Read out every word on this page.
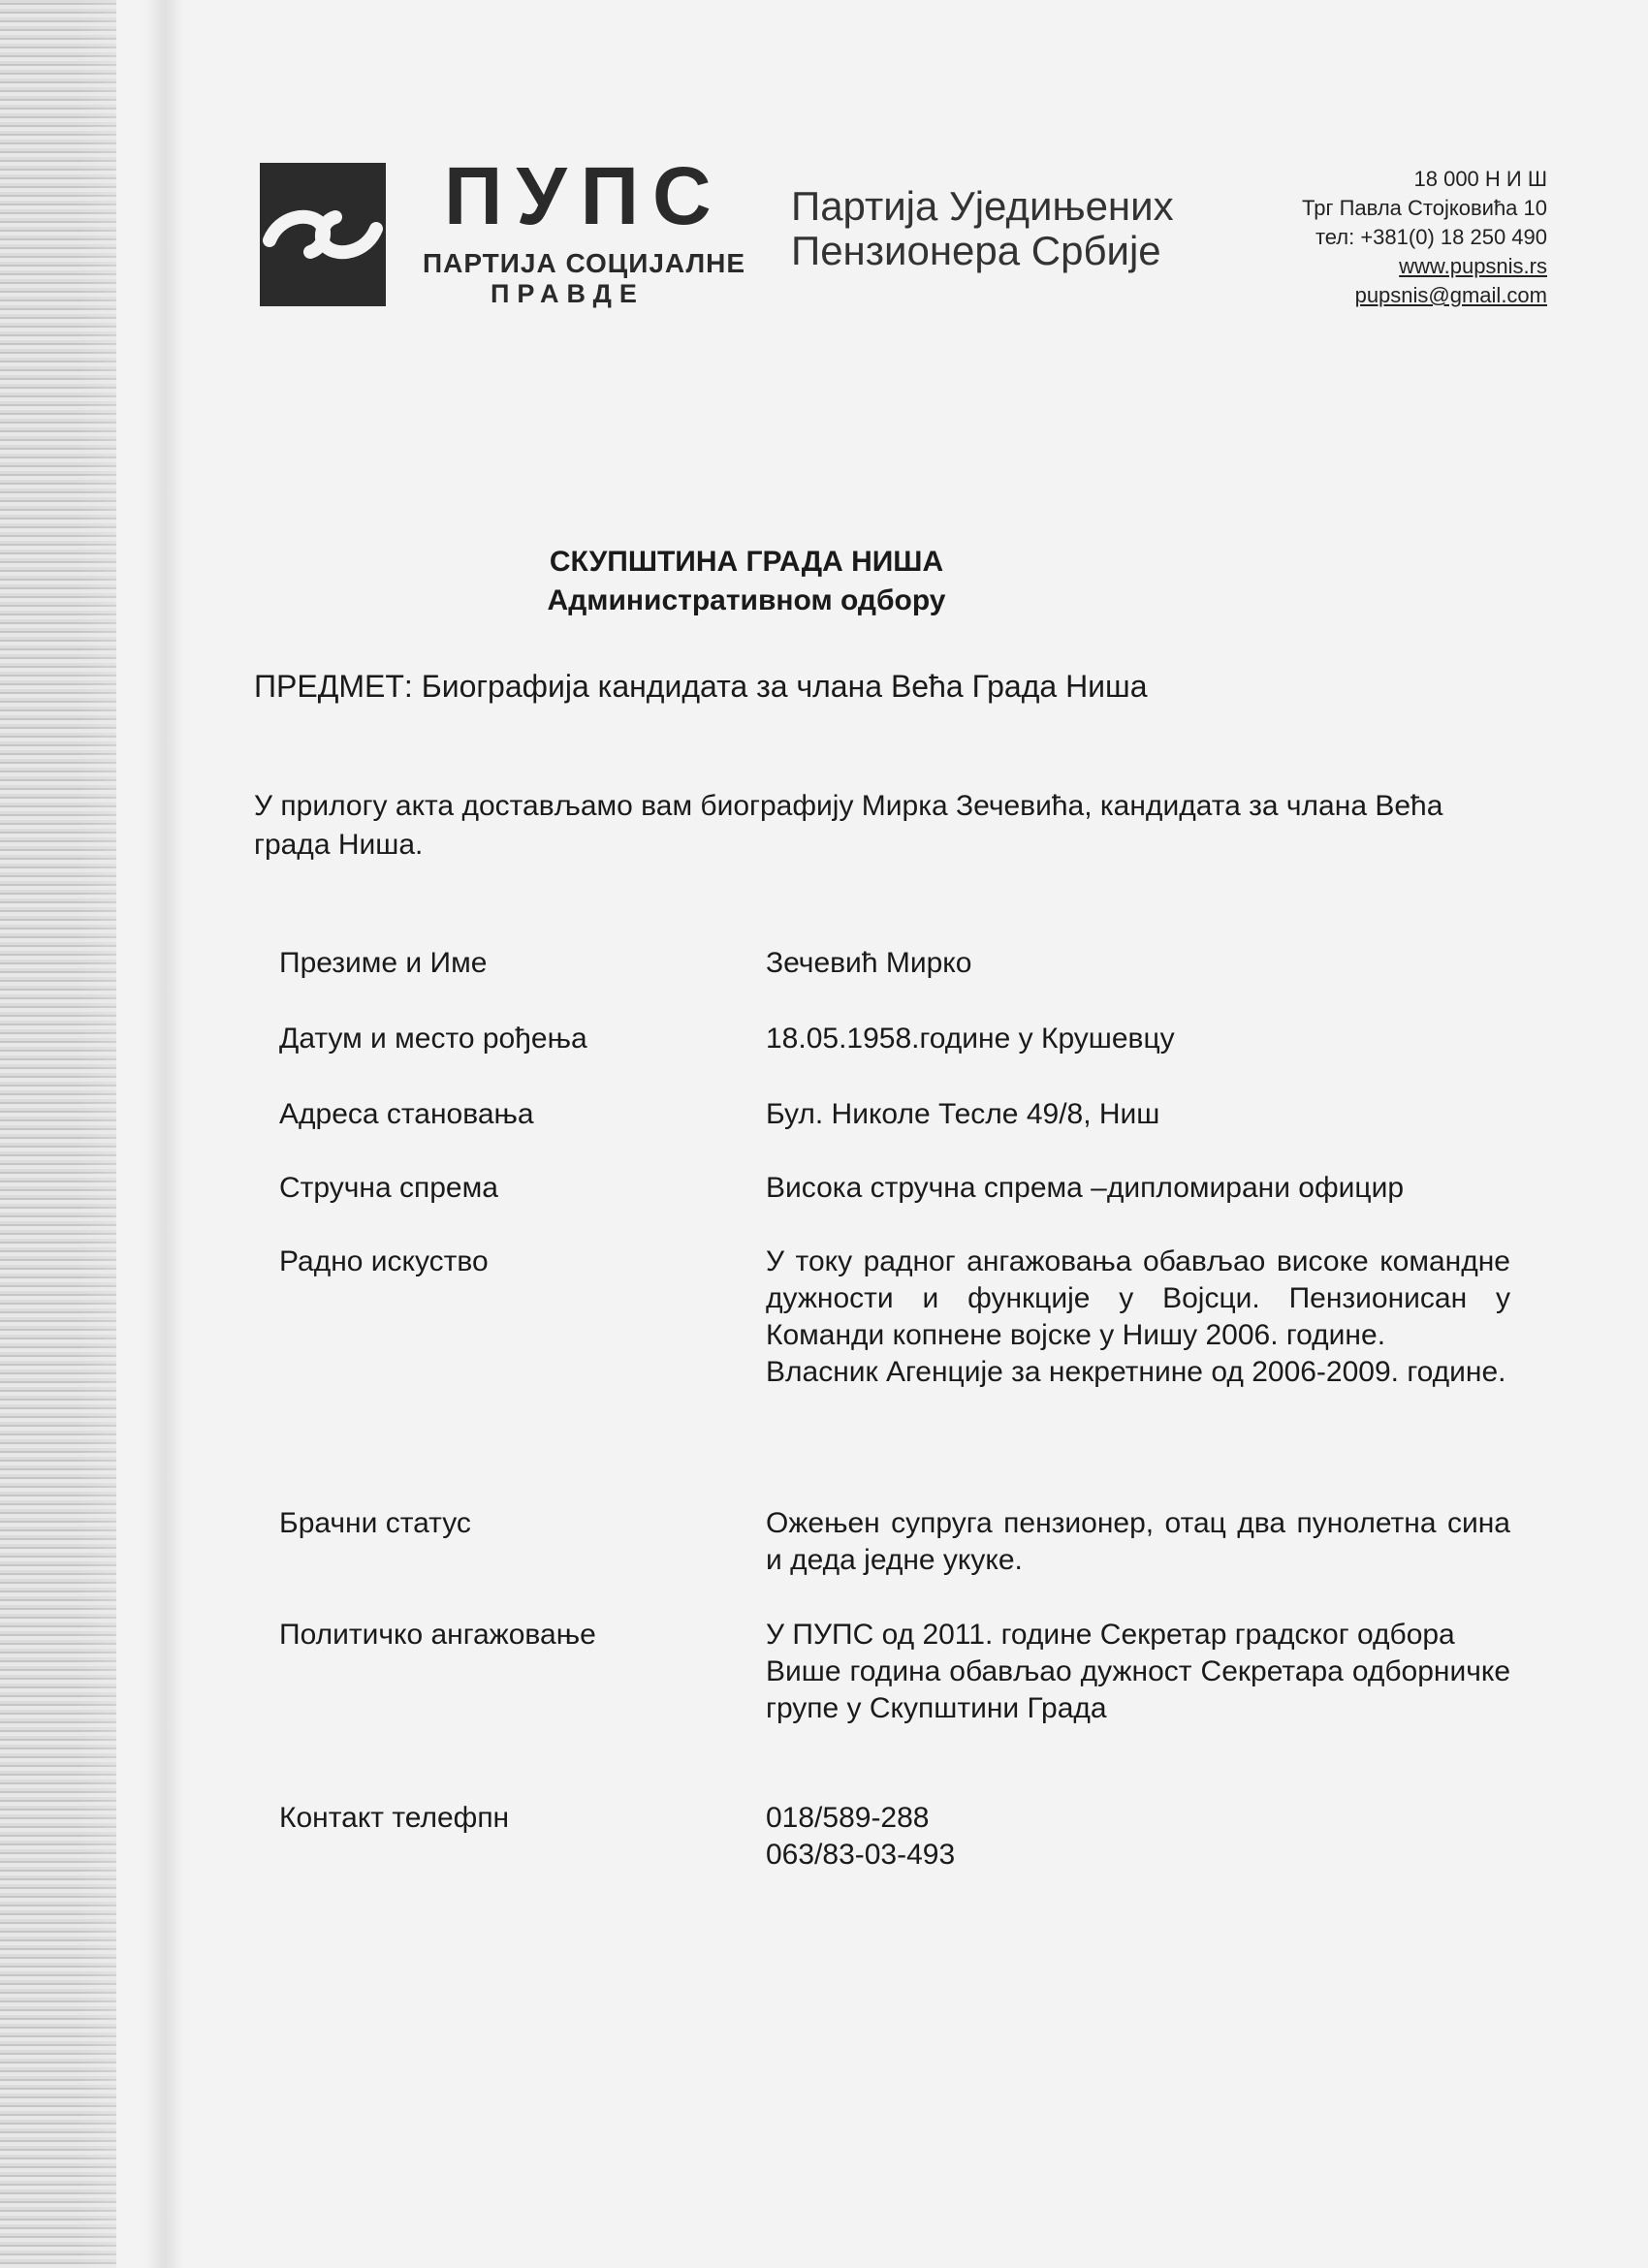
ПУПС
ПАРТИЈА СОЦИЈАЛНЕ
ПРАВДЕ
Партија Уједињених
Пензионера Србије
18 000 Н И Ш
Трг Павла Стојковића 10
тел: +381(0) 18 250 490
www.pupsnis.rs
pupsnis@gmail.com
СКУПШТИНА ГРАДА НИША
Административном одбору
ПРЕДМЕТ: Биографија кандидата за члана Већа Града Ниша
У прилогу акта достављамо вам биографију Мирка Зечевића, кандидата за члана Већа града Ниша.
Презиме и Име	Зечевић Мирко
Датум и место рођења	18.05.1958.године у Крушевцу
Адреса становања	Бул. Николе Тесле 49/8, Ниш
Стручна спрема	Висока стручна спрема –дипломирани официр
Радно искуство	У току радног ангажовања обављао високе командне дужности и функције у Војсци. Пензионисан у Команди копнене војске у Нишу 2006. године.
Власник Агенције за некретнине од 2006-2009. године.
Брачни статус	Ожењен супруга пензионер, отац два пунолетна сина и деда једне укуке.
Политичко ангажовање	У ПУПС од 2011. године Секретар градског одбора
Више година обављао дужност Секретара одборничке групе у Скупштини Града
Контакт телефпн	018/589-288
063/83-03-493
